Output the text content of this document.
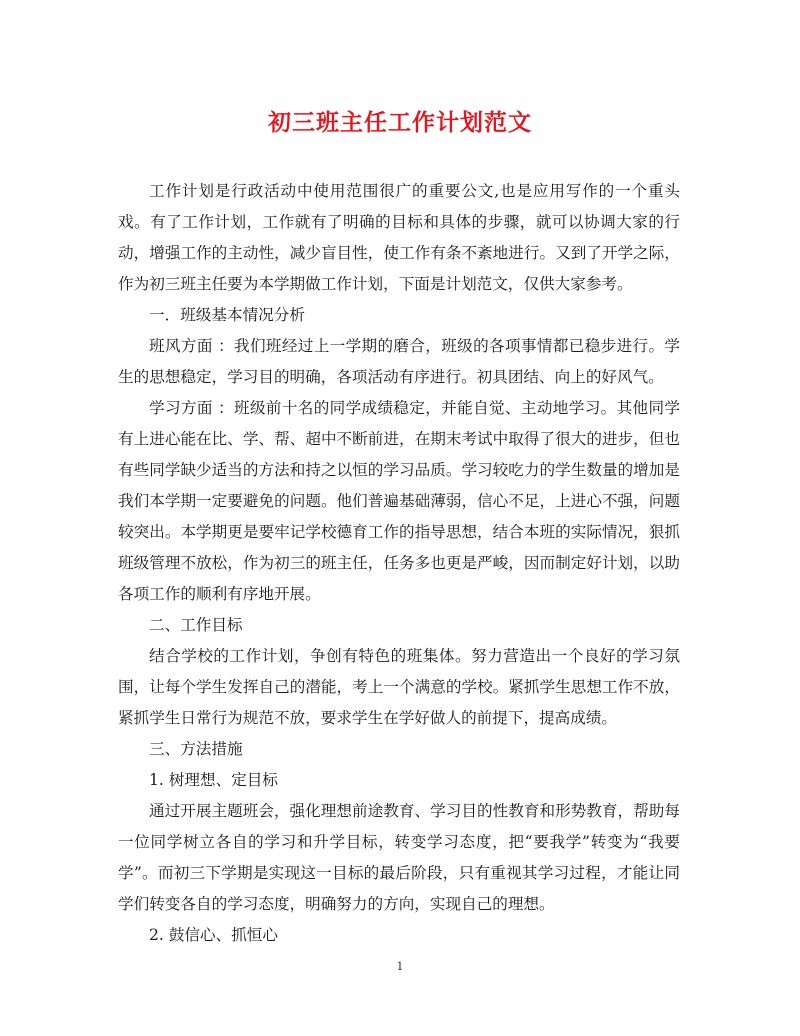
初三班主任工作计划范文

工作计划是行政活动中使用范围很广的重要公文,也是应用写作的一个重头戏。有了工作计划，工作就有了明确的目标和具体的步骤，就可以协调大家的行动，增强工作的主动性，减少盲目性，使工作有条不紊地进行。又到了开学之际，作为初三班主任要为本学期做工作计划，下面是计划范文，仅供大家参考。

一．班级基本情况分析

班风方面 ：我们班经过上一学期的磨合，班级的各项事情都已稳步进行。学生的思想稳定，学习目的明确，各项活动有序进行。初具团结、向上的好风气。

学习方面 ：班级前十名的同学成绩稳定，并能自觉、主动地学习。其他同学有上进心能在比、学、帮、超中不断前进，在期末考试中取得了很大的进步，但也有些同学缺少适当的方法和持之以恒的学习品质。学习较吃力的学生数量的增加是我们本学期一定要避免的问题。他们普遍基础薄弱，信心不足，上进心不强，问题较突出。本学期更是要牢记学校德育工作的指导思想，结合本班的实际情况，狠抓班级管理不放松，作为初三的班主任，任务多也更是严峻，因而制定好计划，以助各项工作的顺利有序地开展。

二、工作目标

结合学校的工作计划，争创有特色的班集体。努力营造出一个良好的学习氛围，让每个学生发挥自己的潜能，考上一个满意的学校。紧抓学生思想工作不放，紧抓学生日常行为规范不放，要求学生在学好做人的前提下，提高成绩。

三、方法措施

1. 树理想、定目标

通过开展主题班会，强化理想前途教育、学习目的性教育和形势教育，帮助每一位同学树立各自的学习和升学目标，转变学习态度，把“要我学”转变为“我要学”。而初三下学期是实现这一目标的最后阶段，只有重视其学习过程，才能让同学们转变各自的学习态度，明确努力的方向，实现自己的理想。

2. 鼓信心、抓恒心

1
